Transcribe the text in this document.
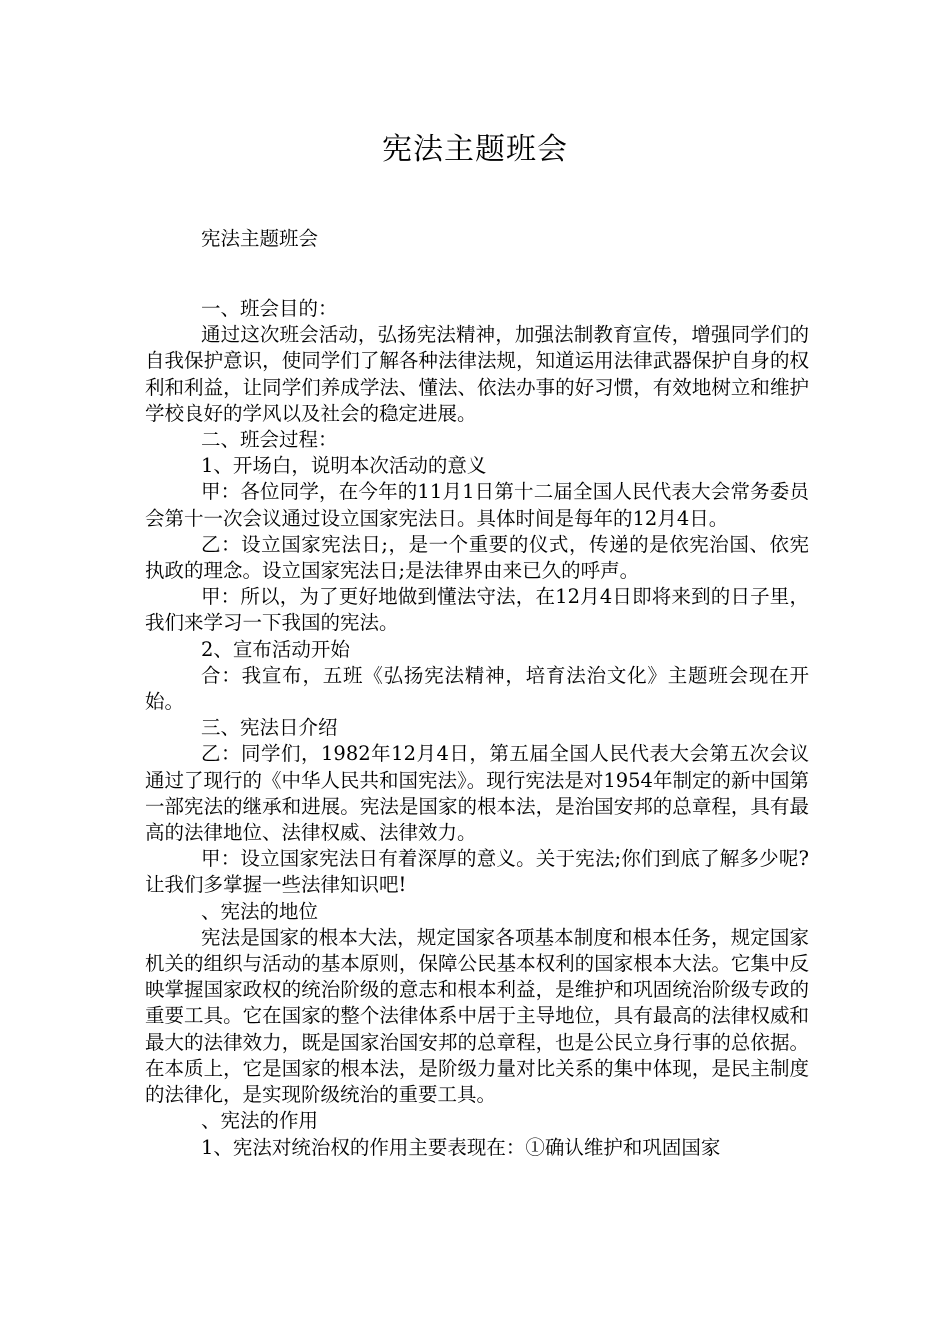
宪法主题班会
宪法主题班会

一、班会目的：

通过这次班会活动，弘扬宪法精神，加强法制教育宣传，增强同学们的自我保护意识，使同学们了解各种法律法规，知道运用法律武器保护自身的权利和利益，让同学们养成学法、懂法、依法办事的好习惯，有效地树立和维护学校良好的学风以及社会的稳定进展。

二、班会过程：

1、开场白，说明本次活动的意义

甲：各位同学，在今年的11月1日第十二届全国人民代表大会常务委员会第十一次会议通过设立国家宪法日。具体时间是每年的12月4日。

乙：设立国家宪法日;，是一个重要的仪式，传递的是依宪治国、依宪执政的理念。设立国家宪法日;是法律界由来已久的呼声。

甲：所以，为了更好地做到懂法守法，在12月4日即将来到的日子里，我们来学习一下我国的宪法。

2、宣布活动开始

合：我宣布，五班《弘扬宪法精神，培育法治文化》主题班会现在开始。

三、宪法日介绍

乙：同学们，1982年12月4日，第五届全国人民代表大会第五次会议通过了现行的《中华人民共和国宪法》。现行宪法是对1954年制定的新中国第一部宪法的继承和进展。宪法是国家的根本法，是治国安邦的总章程，具有最高的法律地位、法律权威、法律效力。

甲：设立国家宪法日有着深厚的意义。关于宪法;你们到底了解多少呢?让我们多掌握一些法律知识吧!

、宪法的地位

宪法是国家的根本大法，规定国家各项基本制度和根本任务，规定国家机关的组织与活动的基本原则，保障公民基本权利的国家根本大法。它集中反映掌握国家政权的统治阶级的意志和根本利益，是维护和巩固统治阶级专政的重要工具。它在国家的整个法律体系中居于主导地位，具有最高的法律权威和最大的法律效力，既是国家治国安邦的总章程，也是公民立身行事的总依据。在本质上，它是国家的根本法，是阶级力量对比关系的集中体现，是民主制度的法律化，是实现阶级统治的重要工具。

、宪法的作用

1、宪法对统治权的作用主要表现在：①确认维护和巩固国家
